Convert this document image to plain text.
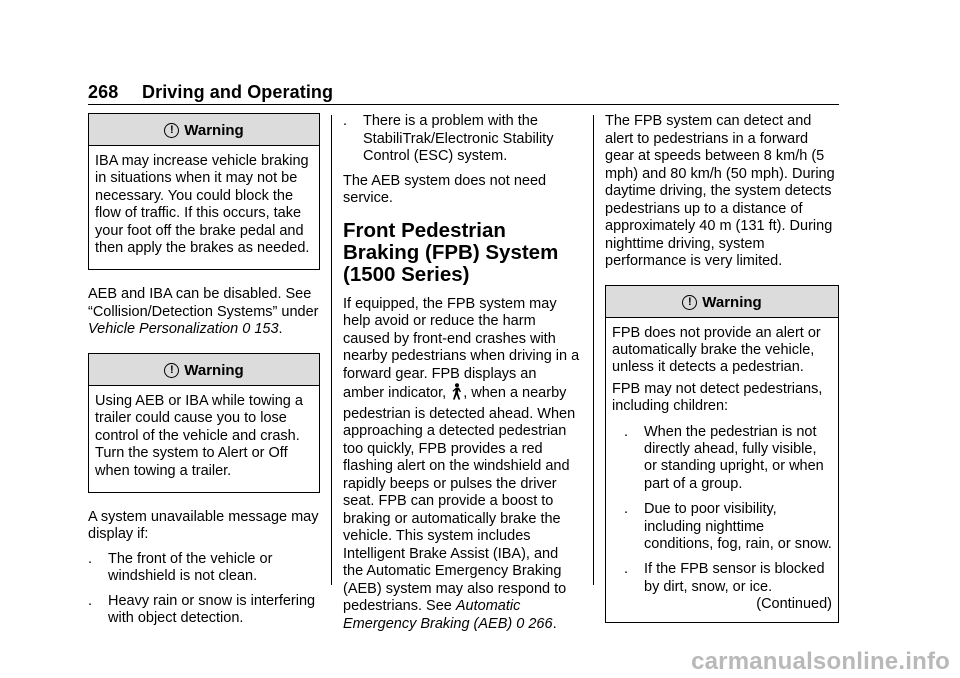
268 Driving and Operating
! Warning

IBA may increase vehicle braking in situations when it may not be necessary. You could block the flow of traffic. If this occurs, take your foot off the brake pedal and then apply the brakes as needed.

AEB and IBA can be disabled. See “Collision/Detection Systems” under Vehicle Personalization 0 153.

! Warning

Using AEB or IBA while towing a trailer could cause you to lose control of the vehicle and crash. Turn the system to Alert or Off when towing a trailer.

A system unavailable message may display if:

. The front of the vehicle or windshield is not clean.
. Heavy rain or snow is interfering with object detection.
. There is a problem with the StabiliTrak/Electronic Stability Control (ESC) system.

The AEB system does not need service.

Front Pedestrian Braking (FPB) System (1500 Series)

If equipped, the FPB system may help avoid or reduce the harm caused by front-end crashes with nearby pedestrians when driving in a forward gear. FPB displays an amber indicator, , when a nearby pedestrian is detected ahead. When approaching a detected pedestrian too quickly, FPB provides a red flashing alert on the windshield and rapidly beeps or pulses the driver seat. FPB can provide a boost to braking or automatically brake the vehicle. This system includes Intelligent Brake Assist (IBA), and the Automatic Emergency Braking (AEB) system may also respond to pedestrians. See Automatic Emergency Braking (AEB) 0 266.

The FPB system can detect and alert to pedestrians in a forward gear at speeds between 8 km/h (5 mph) and 80 km/h (50 mph). During daytime driving, the system detects pedestrians up to a distance of approximately 40 m (131 ft). During nighttime driving, system performance is very limited.

! Warning

FPB does not provide an alert or automatically brake the vehicle, unless it detects a pedestrian.

FPB may not detect pedestrians, including children:

. When the pedestrian is not directly ahead, fully visible, or standing upright, or when part of a group.
. Due to poor visibility, including nighttime conditions, fog, rain, or snow.
. If the FPB sensor is blocked by dirt, snow, or ice.
(Continued)
carmanualsonline.info
